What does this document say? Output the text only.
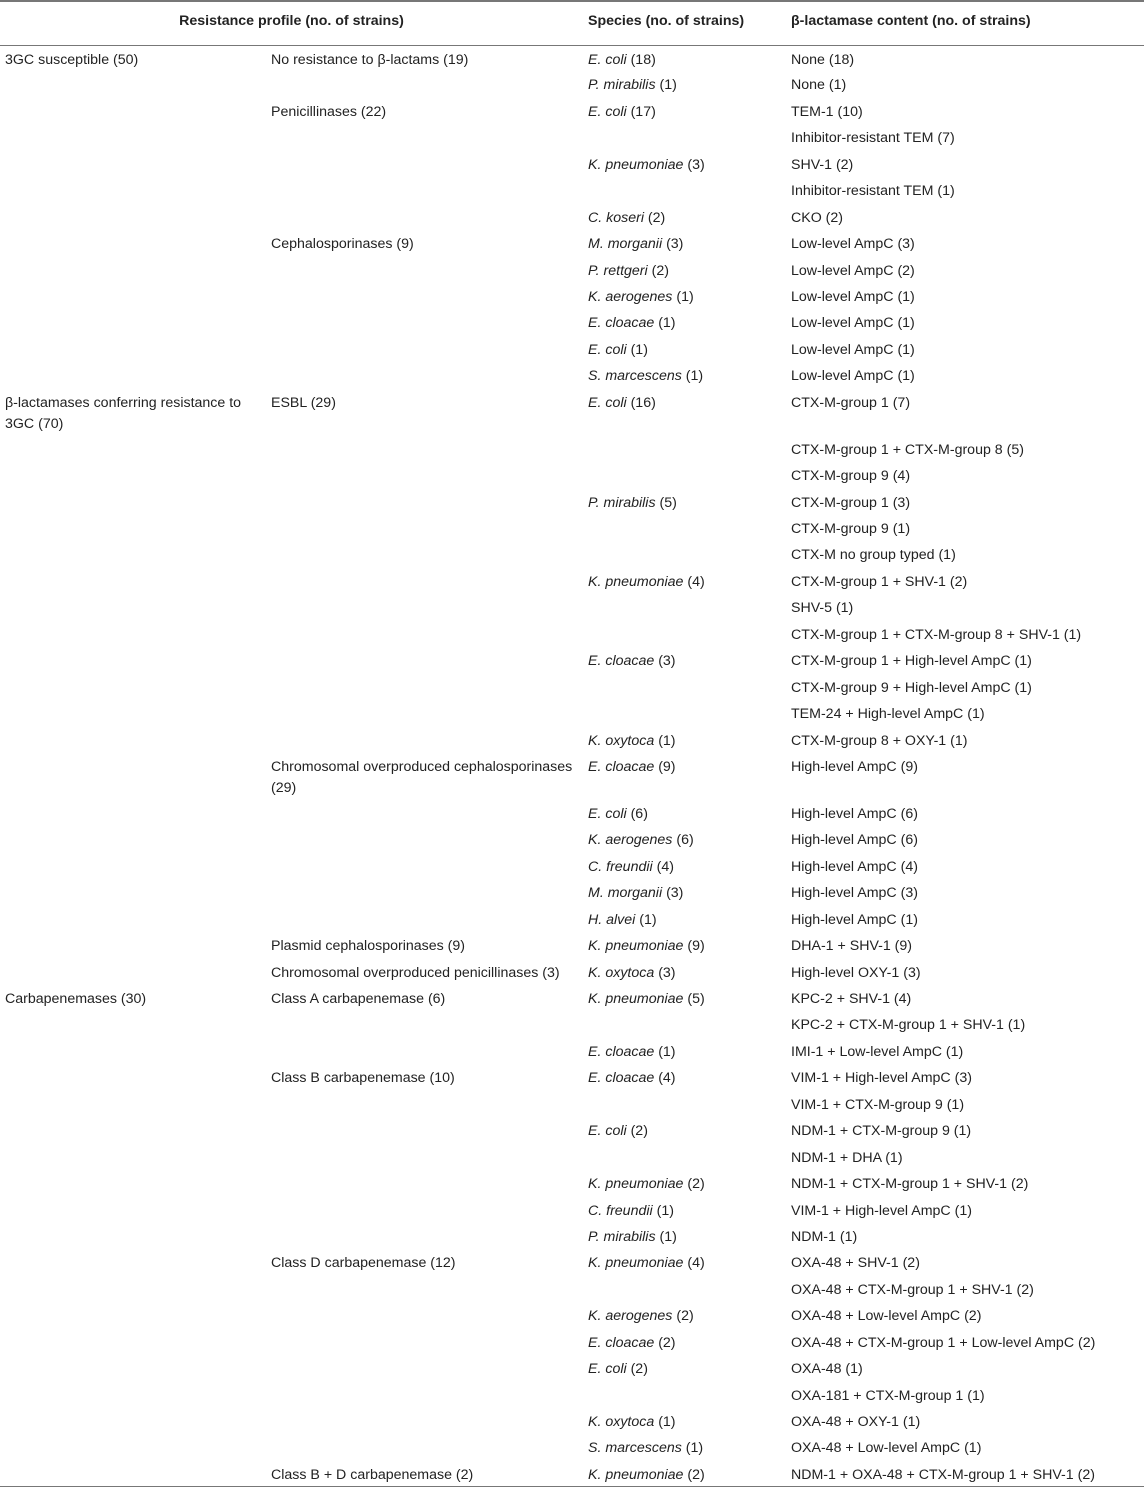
Resistance profile (no. of strains)		Species (no. of strains)	β-lactamase content (no. of strains)
3GC susceptible (50)	No resistance to β-lactams (19)	E. coli (18)	None (18)
		P. mirabilis (1)	None (1)
	Penicillinases (22)	E. coli (17)	TEM-1 (10)
			Inhibitor-resistant TEM (7)
		K. pneumoniae (3)	SHV-1 (2)
			Inhibitor-resistant TEM (1)
		C. koseri (2)	CKO (2)
	Cephalosporinases (9)	M. morganii (3)	Low-level AmpC (3)
		P. rettgeri (2)	Low-level AmpC (2)
		K. aerogenes (1)	Low-level AmpC (1)
		E. cloacae (1)	Low-level AmpC (1)
		E. coli (1)	Low-level AmpC (1)
		S. marcescens (1)	Low-level AmpC (1)
β-lactamases conferring resistance to 3GC (70)	ESBL (29)	E. coli (16)	CTX-M-group 1 (7)
			CTX-M-group 1 + CTX-M-group 8 (5)
			CTX-M-group 9 (4)
		P. mirabilis (5)	CTX-M-group 1 (3)
			CTX-M-group 9 (1)
			CTX-M no group typed (1)
		K. pneumoniae (4)	CTX-M-group 1 + SHV-1 (2)
			SHV-5 (1)
			CTX-M-group 1 + CTX-M-group 8 + SHV-1 (1)
		E. cloacae (3)	CTX-M-group 1 + High-level AmpC (1)
			CTX-M-group 9 + High-level AmpC (1)
			TEM-24 + High-level AmpC (1)
		K. oxytoca (1)	CTX-M-group 8 + OXY-1 (1)
	Chromosomal overproduced cephalosporinases (29)	E. cloacae (9)	High-level AmpC (9)
		E. coli (6)	High-level AmpC (6)
		K. aerogenes (6)	High-level AmpC (6)
		C. freundii (4)	High-level AmpC (4)
		M. morganii (3)	High-level AmpC (3)
		H. alvei (1)	High-level AmpC (1)
	Plasmid cephalosporinases (9)	K. pneumoniae (9)	DHA-1 + SHV-1 (9)
	Chromosomal overproduced penicillinases (3)	K. oxytoca (3)	High-level OXY-1 (3)
Carbapenemases (30)	Class A carbapenemase (6)	K. pneumoniae (5)	KPC-2 + SHV-1 (4)
			KPC-2 + CTX-M-group 1 + SHV-1 (1)
		E. cloacae (1)	IMI-1 + Low-level AmpC (1)
	Class B carbapenemase (10)	E. cloacae (4)	VIM-1 + High-level AmpC (3)
			VIM-1 + CTX-M-group 9 (1)
		E. coli (2)	NDM-1 + CTX-M-group 9 (1)
			NDM-1 + DHA (1)
		K. pneumoniae (2)	NDM-1 + CTX-M-group 1 + SHV-1 (2)
		C. freundii (1)	VIM-1 + High-level AmpC (1)
		P. mirabilis (1)	NDM-1 (1)
	Class D carbapenemase (12)	K. pneumoniae (4)	OXA-48 + SHV-1 (2)
			OXA-48 + CTX-M-group 1 + SHV-1 (2)
		K. aerogenes (2)	OXA-48 + Low-level AmpC (2)
		E. cloacae (2)	OXA-48 + CTX-M-group 1 + Low-level AmpC (2)
		E. coli (2)	OXA-48 (1)
			OXA-181 + CTX-M-group 1 (1)
		K. oxytoca (1)	OXA-48 + OXY-1 (1)
		S. marcescens (1)	OXA-48 + Low-level AmpC (1)
	Class B + D carbapenemase (2)	K. pneumoniae (2)	NDM-1 + OXA-48 + CTX-M-group 1 + SHV-1 (2)
